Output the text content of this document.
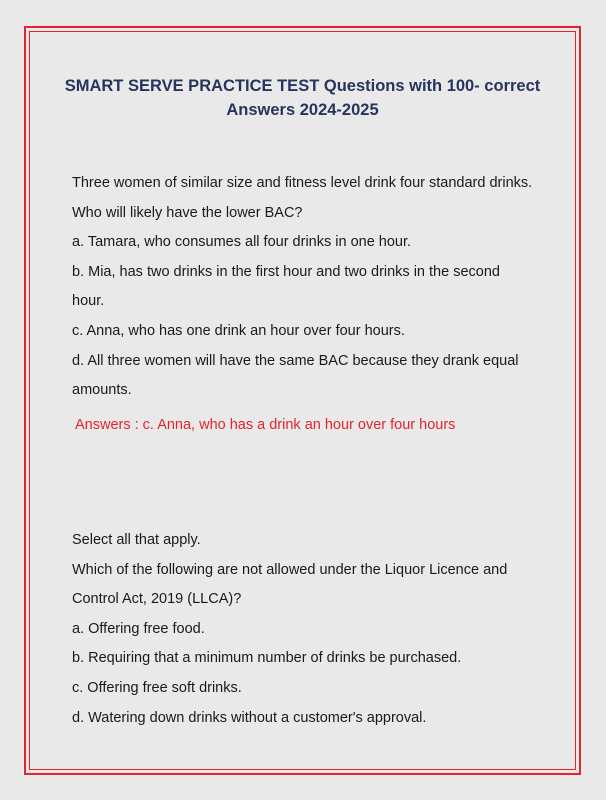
SMART SERVE PRACTICE TEST Questions with 100- correct
Answers 2024-2025
Three women of similar size and fitness level drink four standard drinks.
Who will likely have the lower BAC?
a. Tamara, who consumes all four drinks in one hour.
b. Mia, has two drinks in the first hour and two drinks in the second
hour.
c. Anna, who has one drink an hour over four hours.
d. All three women will have the same BAC because they drank equal
amounts.
Answers : c. Anna, who has a drink an hour over four hours
Select all that apply.
Which of the following are not allowed under the Liquor Licence and
Control Act, 2019 (LLCA)?
a. Offering free food.
b. Requiring that a minimum number of drinks be purchased.
c. Offering free soft drinks.
d. Watering down drinks without a customer's approval.
